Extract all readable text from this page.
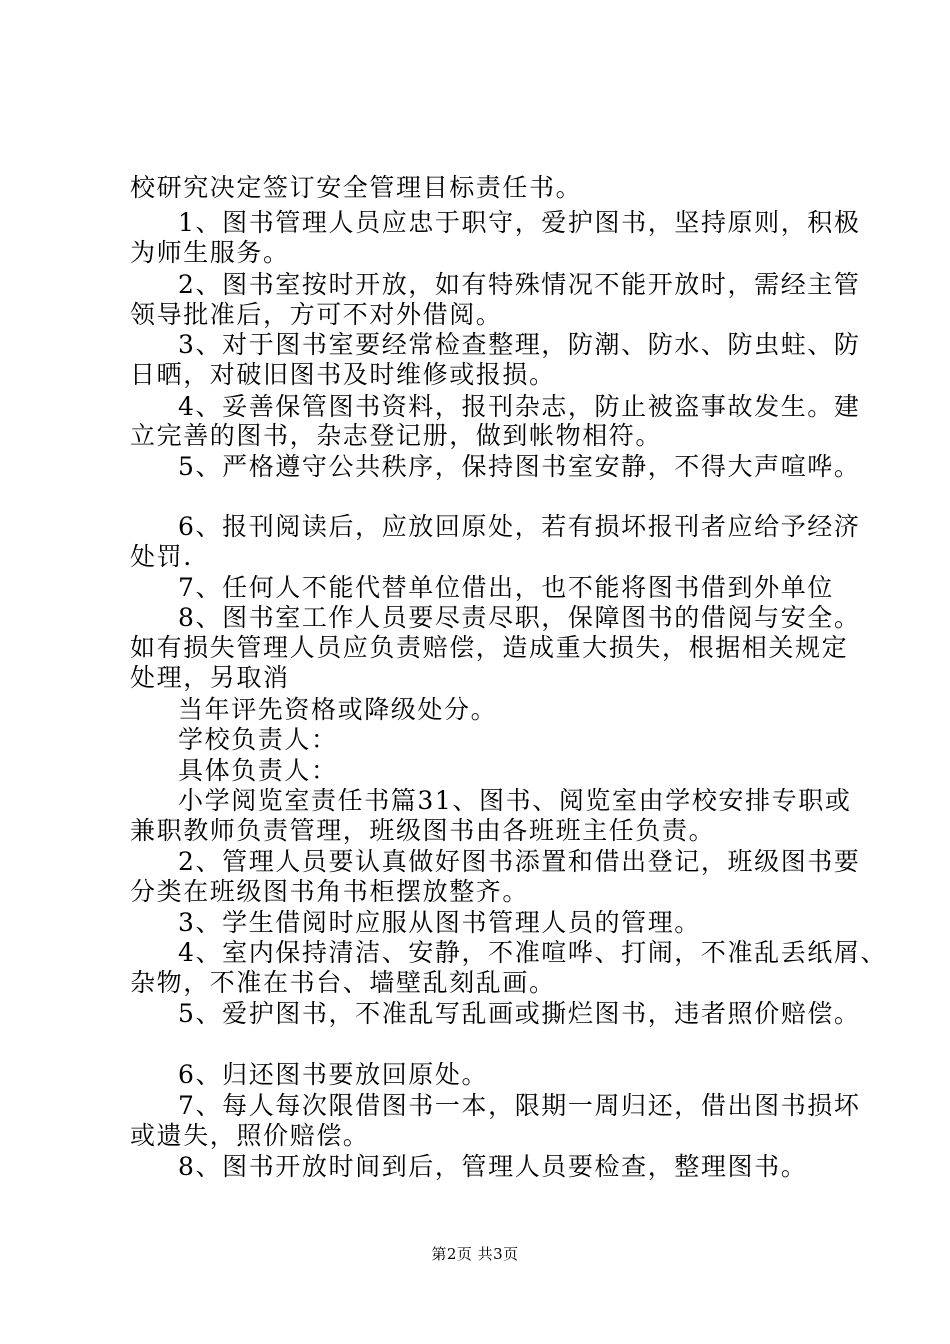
校研究决定签订安全管理目标责任书。
1、图书管理人员应忠于职守，爱护图书，坚持原则，积极
为师生服务。
2、图书室按时开放，如有特殊情况不能开放时，需经主管
领导批准后，方可不对外借阅。
3、对于图书室要经常检查整理，防潮、防水、防虫蛀、防
日晒，对破旧图书及时维修或报损。
4、妥善保管图书资料，报刊杂志，防止被盗事故发生。建
立完善的图书，杂志登记册，做到帐物相符。
5、严格遵守公共秩序，保持图书室安静，不得大声喧哗。
6、报刊阅读后，应放回原处，若有损坏报刊者应给予经济
处罚.
7、任何人不能代替单位借出，也不能将图书借到外单位
8、图书室工作人员要尽责尽职，保障图书的借阅与安全。
如有损失管理人员应负责赔偿，造成重大损失，根据相关规定
处理，另取消
当年评先资格或降级处分。
学校负责人：
具体负责人：
小学阅览室责任书篇31、图书、阅览室由学校安排专职或
兼职教师负责管理，班级图书由各班班主任负责。
2、管理人员要认真做好图书添置和借出登记，班级图书要
分类在班级图书角书柜摆放整齐。
3、学生借阅时应服从图书管理人员的管理。
4、室内保持清洁、安静，不准喧哗、打闹，不准乱丢纸屑、
杂物，不准在书台、墙壁乱刻乱画。
5、爱护图书，不准乱写乱画或撕烂图书，违者照价赔偿。
6、归还图书要放回原处。
7、每人每次限借图书一本，限期一周归还，借出图书损坏
或遗失，照价赔偿。
8、图书开放时间到后，管理人员要检查，整理图书。
第2页 共3页
